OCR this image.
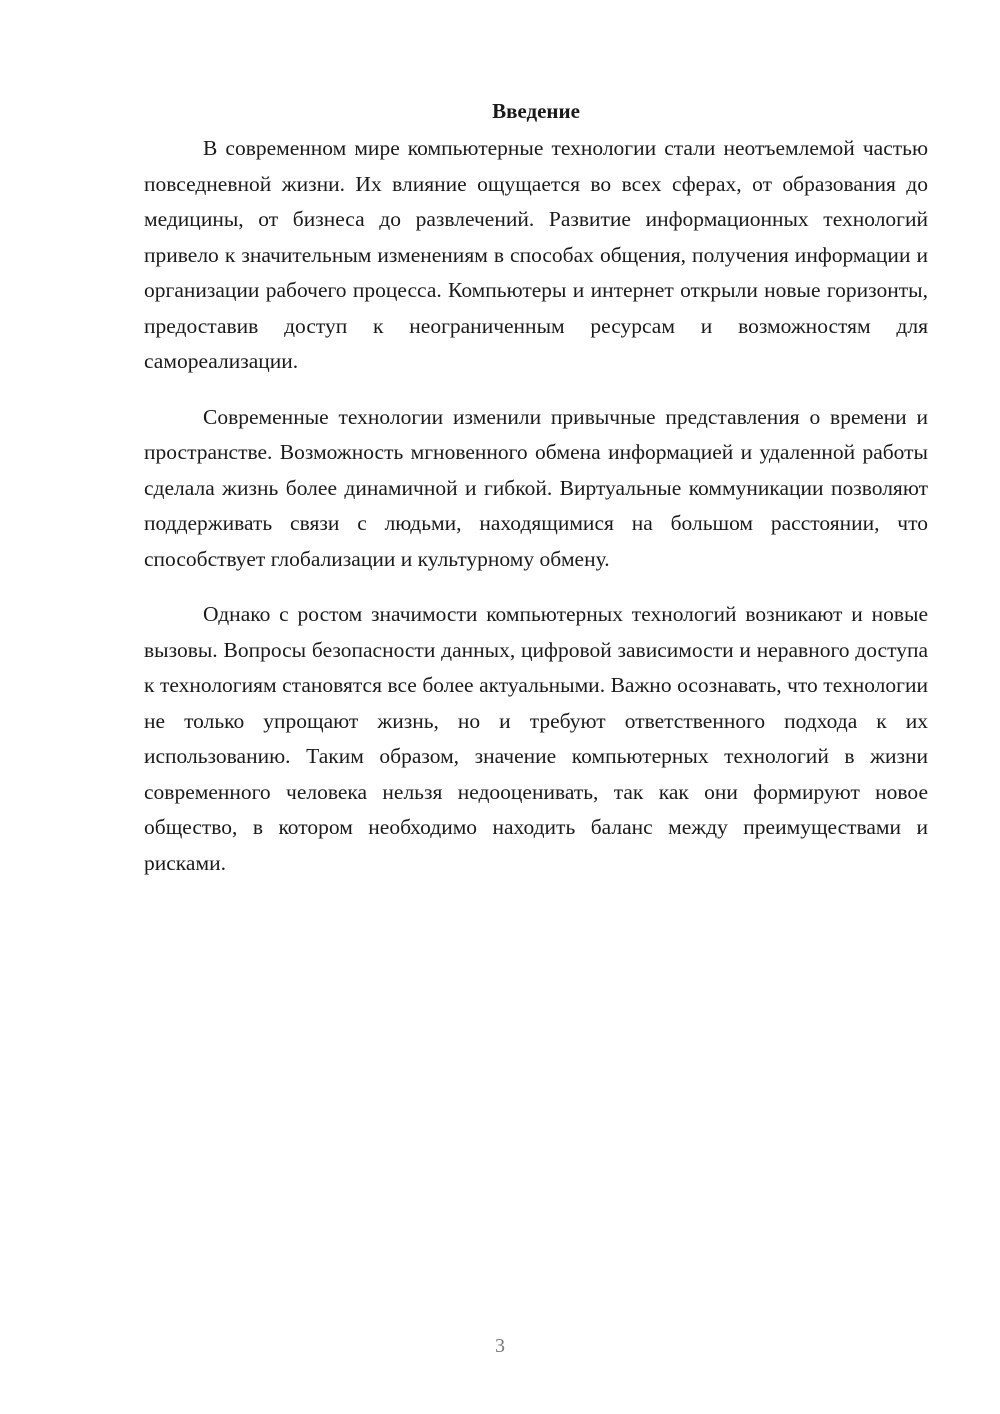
Введение

В современном мире компьютерные технологии стали неотъемлемой частью повседневной жизни. Их влияние ощущается во всех сферах, от образования до медицины, от бизнеса до развлечений. Развитие информационных технологий привело к значительным изменениям в способах общения, получения информации и организации рабочего процесса. Компьютеры и интернет открыли новые горизонты, предоставив доступ к неограниченным ресурсам и возможностям для самореализации.

Современные технологии изменили привычные представления о времени и пространстве. Возможность мгновенного обмена информацией и удаленной работы сделала жизнь более динамичной и гибкой. Виртуальные коммуникации позволяют поддерживать связи с людьми, находящимися на большом расстоянии, что способствует глобализации и культурному обмену.

Однако с ростом значимости компьютерных технологий возникают и новые вызовы. Вопросы безопасности данных, цифровой зависимости и неравного доступа к технологиям становятся все более актуальными. Важно осознавать, что технологии не только упрощают жизнь, но и требуют ответственного подхода к их использованию. Таким образом, значение компьютерных технологий в жизни современного человека нельзя недооценивать, так как они формируют новое общество, в котором необходимо находить баланс между преимуществами и рисками.

3
